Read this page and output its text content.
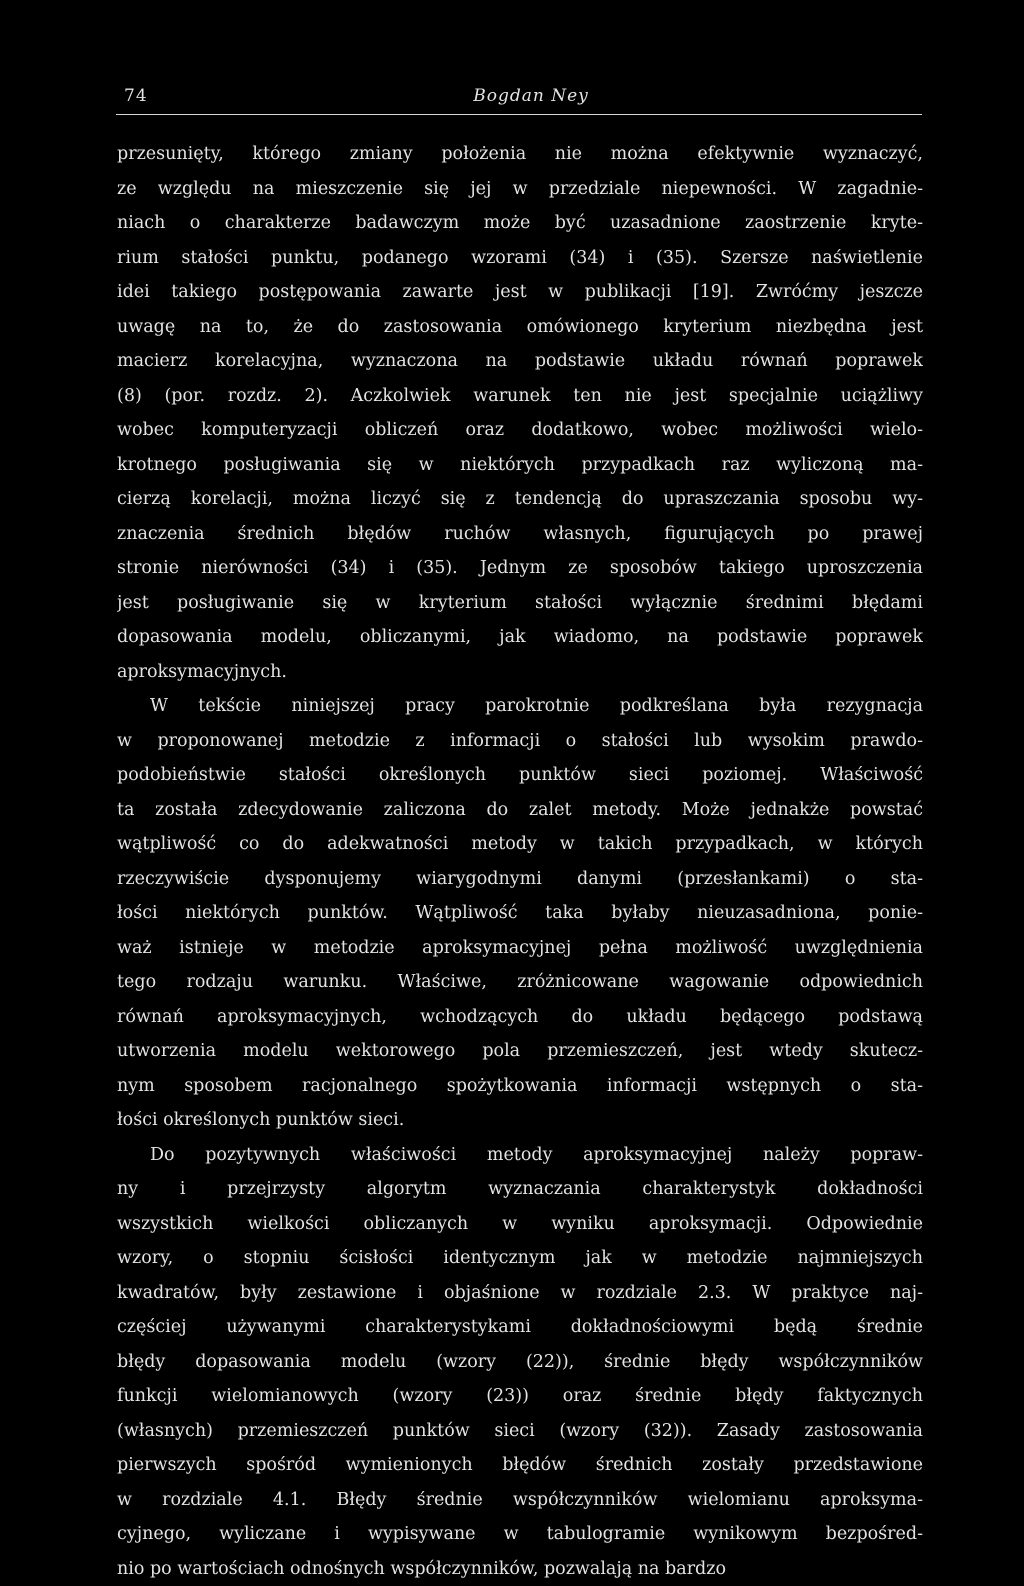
74	Bogdan Ney
przesunięty, którego zmiany położenia nie można efektywnie wyznaczyć,
ze względu na mieszczenie się jej w przedziale niepewności. W zagadnie-
niach o charakterze badawczym może być uzasadnione zaostrzenie kryte-
rium stałości punktu, podanego wzorami (34) i (35). Szersze naświetlenie
idei takiego postępowania zawarte jest w publikacji [19]. Zwróćmy jeszcze
uwagę na to, że do zastosowania omówionego kryterium niezbędna jest
macierz korelacyjna, wyznaczona na podstawie układu równań poprawek
(8) (por. rozdz. 2). Aczkolwiek warunek ten nie jest specjalnie uciążliwy
wobec komputeryzacji obliczeń oraz dodatkowo, wobec możliwości wielo-
krotnego posługiwania się w niektórych przypadkach raz wyliczoną ma-
cierzą korelacji, można liczyć się z tendencją do upraszczania sposobu wy-
znaczenia średnich błędów ruchów własnych, figurujących po prawej
stronie nierówności (34) i (35). Jednym ze sposobów takiego uproszczenia
jest posługiwanie się w kryterium stałości wyłącznie średnimi błędami
dopasowania modelu, obliczanymi, jak wiadomo, na podstawie poprawek
aproksymacyjnych.
W tekście niniejszej pracy parokrotnie podkreślana była rezygnacja
w proponowanej metodzie z informacji o stałości lub wysokim prawdo-
podobieństwie stałości określonych punktów sieci poziomej. Właściwość
ta została zdecydowanie zaliczona do zalet metody. Może jednakże powstać
wątpliwość co do adekwatności metody w takich przypadkach, w których
rzeczywiście dysponujemy wiarygodnymi danymi (przesłankami) o sta-
łości niektórych punktów. Wątpliwość taka byłaby nieuzasadniona, ponie-
waż istnieje w metodzie aproksymacyjnej pełna możliwość uwzględnienia
tego rodzaju warunku. Właściwe, zróżnicowane wagowanie odpowiednich
równań aproksymacyjnych, wchodzących do układu będącego podstawą
utworzenia modelu wektorowego pola przemieszczeń, jest wtedy skutecz-
nym sposobem racjonalnego spożytkowania informacji wstępnych o sta-
łości określonych punktów sieci.
Do pozytywnych właściwości metody aproksymacyjnej należy popraw-
ny i przejrzysty algorytm wyznaczania charakterystyk dokładności
wszystkich wielkości obliczanych w wyniku aproksymacji. Odpowiednie
wzory, o stopniu ścisłości identycznym jak w metodzie najmniejszych
kwadratów, były zestawione i objaśnione w rozdziale 2.3. W praktyce naj-
częściej używanymi charakterystykami dokładnościowymi będą średnie
błędy dopasowania modelu (wzory (22)), średnie błędy współczynników
funkcji wielomianowych (wzory (23)) oraz średnie błędy faktycznych
(własnych) przemieszczeń punktów sieci (wzory (32)). Zasady zastosowania
pierwszych spośród wymienionych błędów średnich zostały przedstawione
w rozdziale 4.1. Błędy średnie współczynników wielomianu aproksyma-
cyjnego, wyliczane i wypisywane w tabulogramie wynikowym bezpośred-
nio po wartościach odnośnych współczynników, pozwalają na bardzo
